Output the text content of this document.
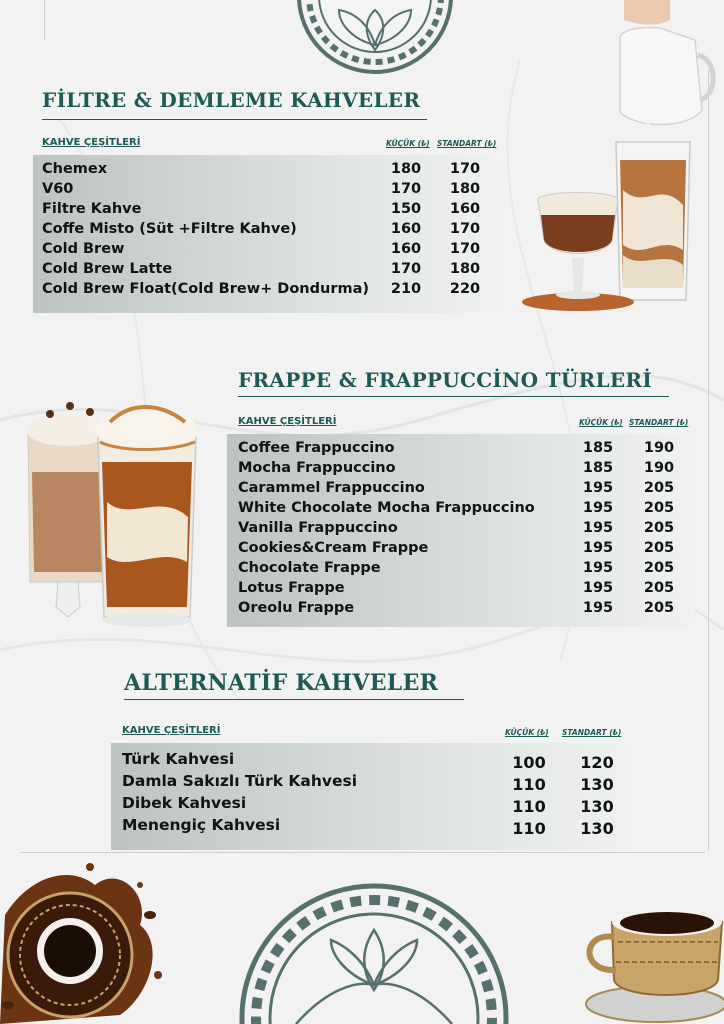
FİLTRE & DEMLEME KAHVELER
KAHVE ÇEŞİTLERİ	KÜÇÜK (₺) STANDART (₺)
Chemex	180	170
V60	170	180
Filtre Kahve	150	160
Coffe Misto (Süt +Filtre Kahve)	160	170
Cold Brew	160	170
Cold Brew Latte	170	180
Cold Brew Float(Cold Brew+ Dondurma)	210	220
FRAPPE & FRAPPUCCİNO TÜRLERİ
KAHVE ÇEŞİTLERİ	KÜÇÜK (₺) STANDART (₺)
Coffee Frappuccino	185	190
Mocha Frappuccino	185	190
Carammel Frappuccino	195	205
White Chocolate Mocha Frappuccino	195	205
Vanilla Frappuccino	195	205
Cookies&Cream Frappe	195	205
Chocolate Frappe	195	205
Lotus Frappe	195	205
Oreolu Frappe	195	205
ALTERNATİF KAHVELER
KAHVE ÇEŞİTLERİ	KÜÇÜK (₺) STANDART (₺)
Türk Kahvesi	100 120
Damla Sakızlı Türk Kahvesi	110 130
Dibek Kahvesi	110 130
Menengiç Kahvesi	110 130
